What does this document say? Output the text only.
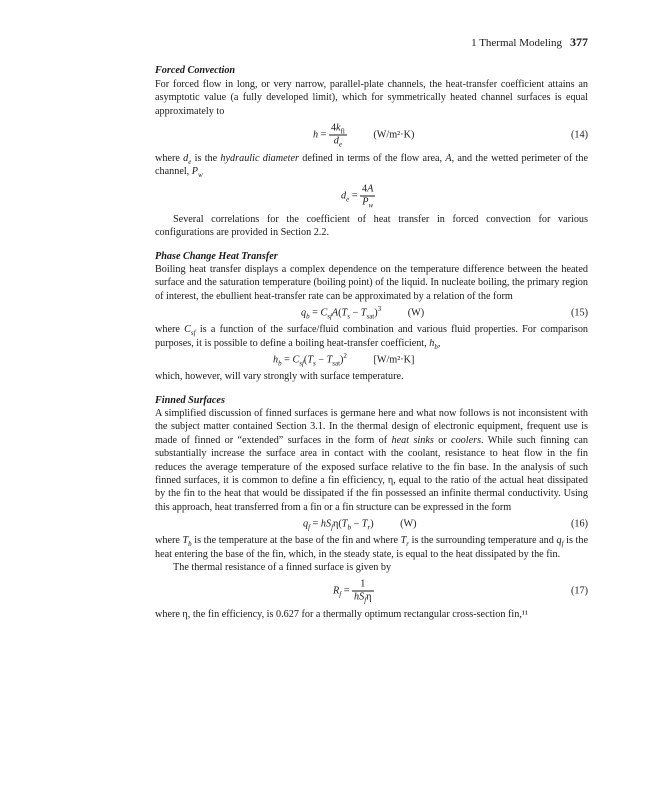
1 Thermal Modeling 377
Forced Convection

For forced flow in long, or very narrow, parallel-plate channels, the heat-transfer coefficient attains an asymptotic value (a fully developed limit), which for symmetrically heated channel surfaces is equal approximately to

$h = \frac{4k_{fl}}{d_e}$	(W/m²·K)	(14)

where $d_e$ is the hydraulic diameter defined in terms of the flow area, A, and the wetted perimeter of the channel, $P_w$

$d_e = \frac{4A}{P_w}$

Several correlations for the coefficient of heat transfer in forced convection for various configurations are provided in Section 2.2.

Phase Change Heat Transfer

Boiling heat transfer displays a complex dependence on the temperature difference between the heated surface and the saturation temperature (boiling point) of the liquid. In nucleate boiling, the primary region of interest, the ebullient heat-transfer rate can be approximated by a relation of the form

$q_b = C_{sf}A(T_s - T_{sat})^3$	(W)	(15)

where $C_{sf}$ is a function of the surface/fluid combination and various fluid properties. For comparison purposes, it is possible to define a boiling heat-transfer coefficient, $h_b$,

$h_b = C_{sf}(T_s - T_{sat})^2$	[W/m²·K]

which, however, will vary strongly with surface temperature.

Finned Surfaces

A simplified discussion of finned surfaces is germane here and what now follows is not inconsistent with the subject matter contained Section 3.1. In the thermal design of electronic equipment, frequent use is made of finned or “extended” surfaces in the form of heat sinks or coolers. While such finning can substantially increase the surface area in contact with the coolant, resistance to heat flow in the fin reduces the average temperature of the exposed surface relative to the fin base. In the analysis of such finned surfaces, it is common to define a fin efficiency, η, equal to the ratio of the actual heat dissipated by the fin to the heat that would be dissipated if the fin possessed an infinite thermal conductivity. Using this approach, heat transferred from a fin or a fin structure can be expressed in the form

$q_f = hS_f\eta(T_b - T_r)$ (W)	(16)

where $T_b$ is the temperature at the base of the fin and where $T_r$ is the surrounding temperature and $q_f$ is the heat entering the base of the fin, which, in the steady state, is equal to the heat dissipated by the fin.

The thermal resistance of a finned surface is given by

$R_f = \frac{1}{hS_f\eta}$	(17)

where η, the fin efficiency, is 0.627 for a thermally optimum rectangular cross-section fin,¹¹
